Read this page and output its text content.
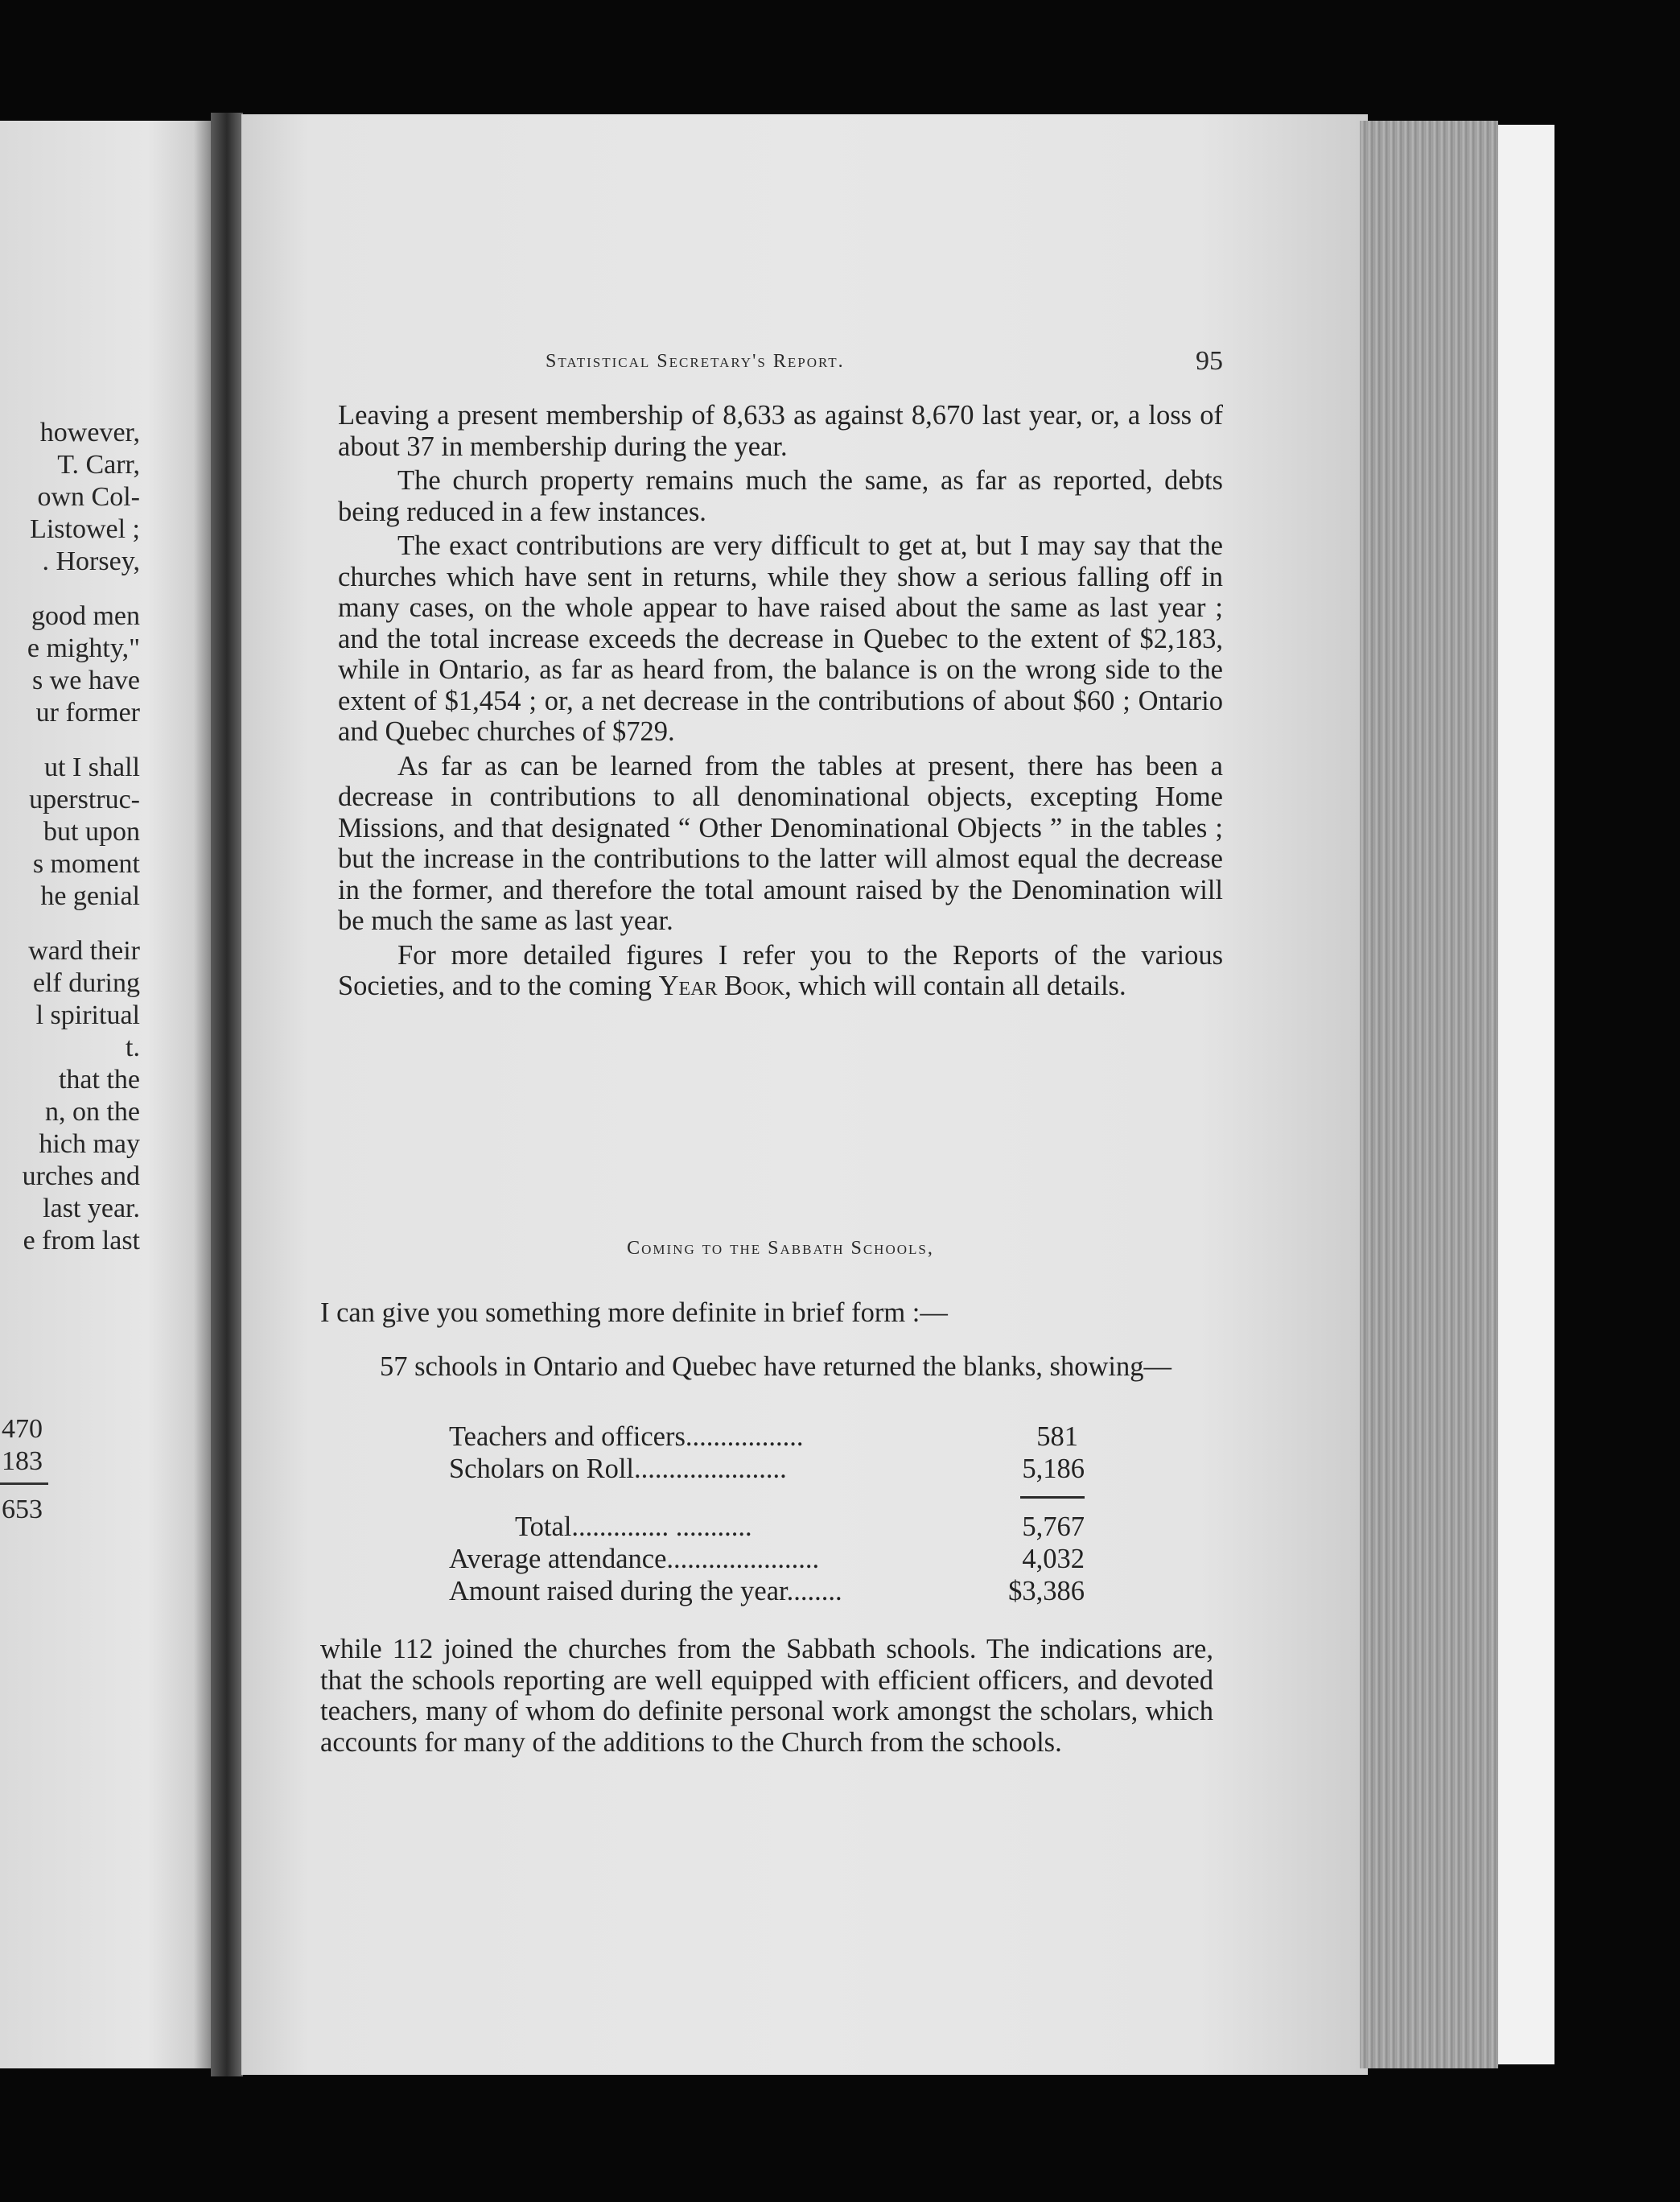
however,
T. Carr,
own Col-
Listowel ;
. Horsey,
good men
e mighty,"
s we have
ur former
ut I shall
uperstruc-
but upon
s moment
he genial
ward their
elf during
l spiritual
t.
that the
n, on the
hich may
urches and
last year.
e from last
470
183
653
Statistical Secretary's Report.	95

Leaving a present membership of 8,633 as against 8,670 last year, or, a loss of about 37 in membership during the year.

The church property remains much the same, as far as reported, debts being reduced in a few instances.

The exact contributions are very difficult to get at, but I may say that the churches which have sent in returns, while they show a serious falling off in many cases, on the whole appear to have raised about the same as last year ; and the total increase exceeds the decrease in Quebec to the extent of $2,183, while in Ontario, as far as heard from, the balance is on the wrong side to the extent of $1,454 ; or, a net decrease in the contributions of about $60 ; Ontario and Quebec churches of $729.

As far as can be learned from the tables at present, there has been a decrease in contributions to all denominational objects, excepting Home Missions, and that designated “ Other Denominational Objects ” in the tables ; but the increase in the contributions to the latter will almost equal the decrease in the former, and therefore the total amount raised by the Denomination will be much the same as last year.

For more detailed figures I refer you to the Reports of the various Societies, and to the coming Year Book, which will contain all details.

Coming to the Sabbath Schools,

I can give you something more definite in brief form :—

57 schools in Ontario and Quebec have returned the blanks, showing—

Teachers and officers.................	581
Scholars on Roll......................	5,186
Total.............. ...........	5,767
Average attendance......................	4,032
Amount raised during the year........	$3,386

while 112 joined the churches from the Sabbath schools. The indications are, that the schools reporting are well equipped with efficient officers, and devoted teachers, many of whom do definite personal work amongst the scholars, which accounts for many of the additions to the Church from the schools.
